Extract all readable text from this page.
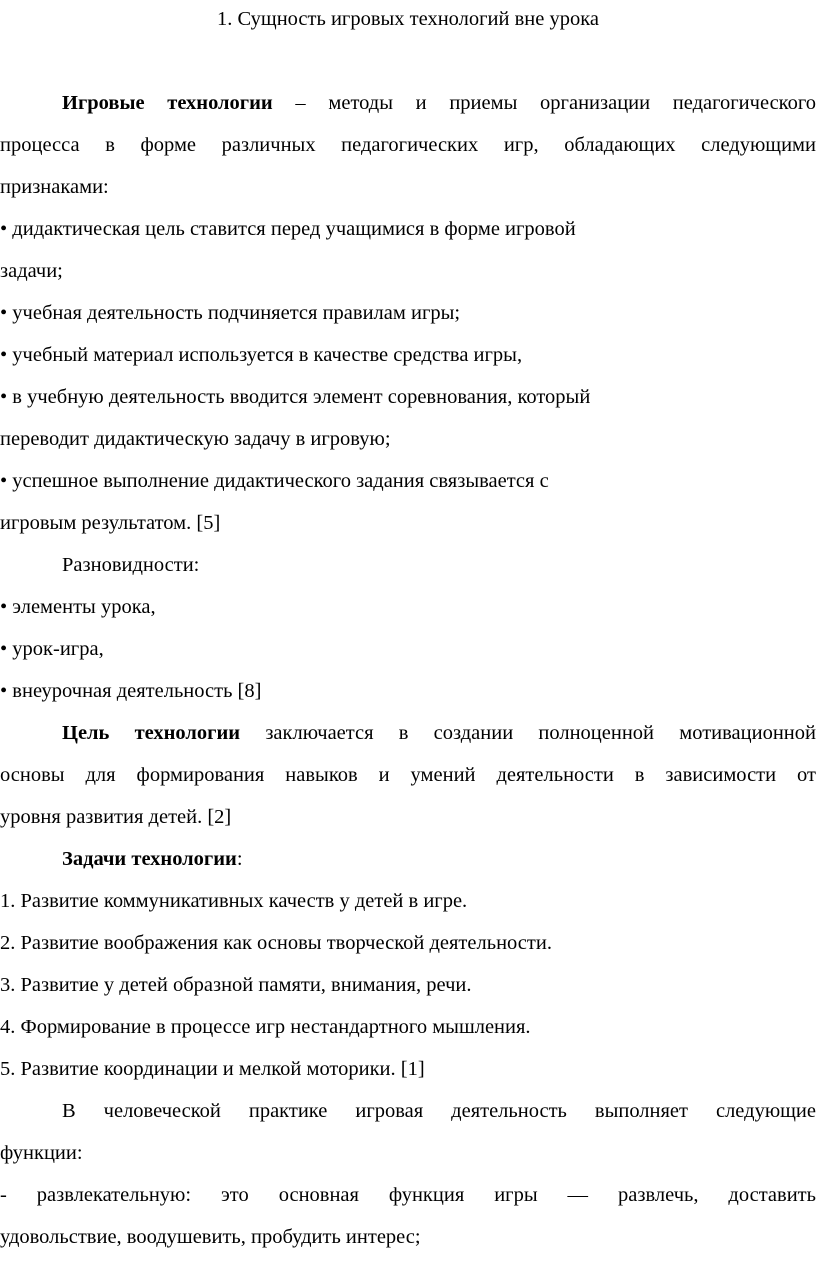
1. Сущность игровых технологий вне урока
Игровые технологии – методы и приемы организации педагогического
процесса в форме различных педагогических игр, обладающих следующими
признаками:
• дидактическая цель ставится перед учащимися в форме игровой
задачи;
• учебная деятельность подчиняется правилам игры;
• учебный материал используется в качестве средства игры,
• в учебную деятельность вводится элемент соревнования, который
переводит дидактическую задачу в игровую;
• успешное выполнение дидактического задания связывается с
игровым результатом. [5]
Разновидности:
• элементы урока,
• урок-игра,
• внеурочная деятельность [8]
Цель технологии заключается в создании полноценной мотивационной
основы для формирования навыков и умений деятельности в зависимости от
уровня развития детей. [2]
Задачи технологии:
1. Развитие коммуникативных качеств у детей в игре.
2. Развитие воображения как основы творческой деятельности.
3. Развитие у детей образной памяти, внимания, речи.
4. Формирование в процессе игр нестандартного мышления.
5. Развитие координации и мелкой моторики. [1]
В человеческой практике игровая деятельность выполняет следующие
функции:
- развлекательную: это основная функция игры — развлечь, доставить
удовольствие, воодушевить, пробудить интерес;
